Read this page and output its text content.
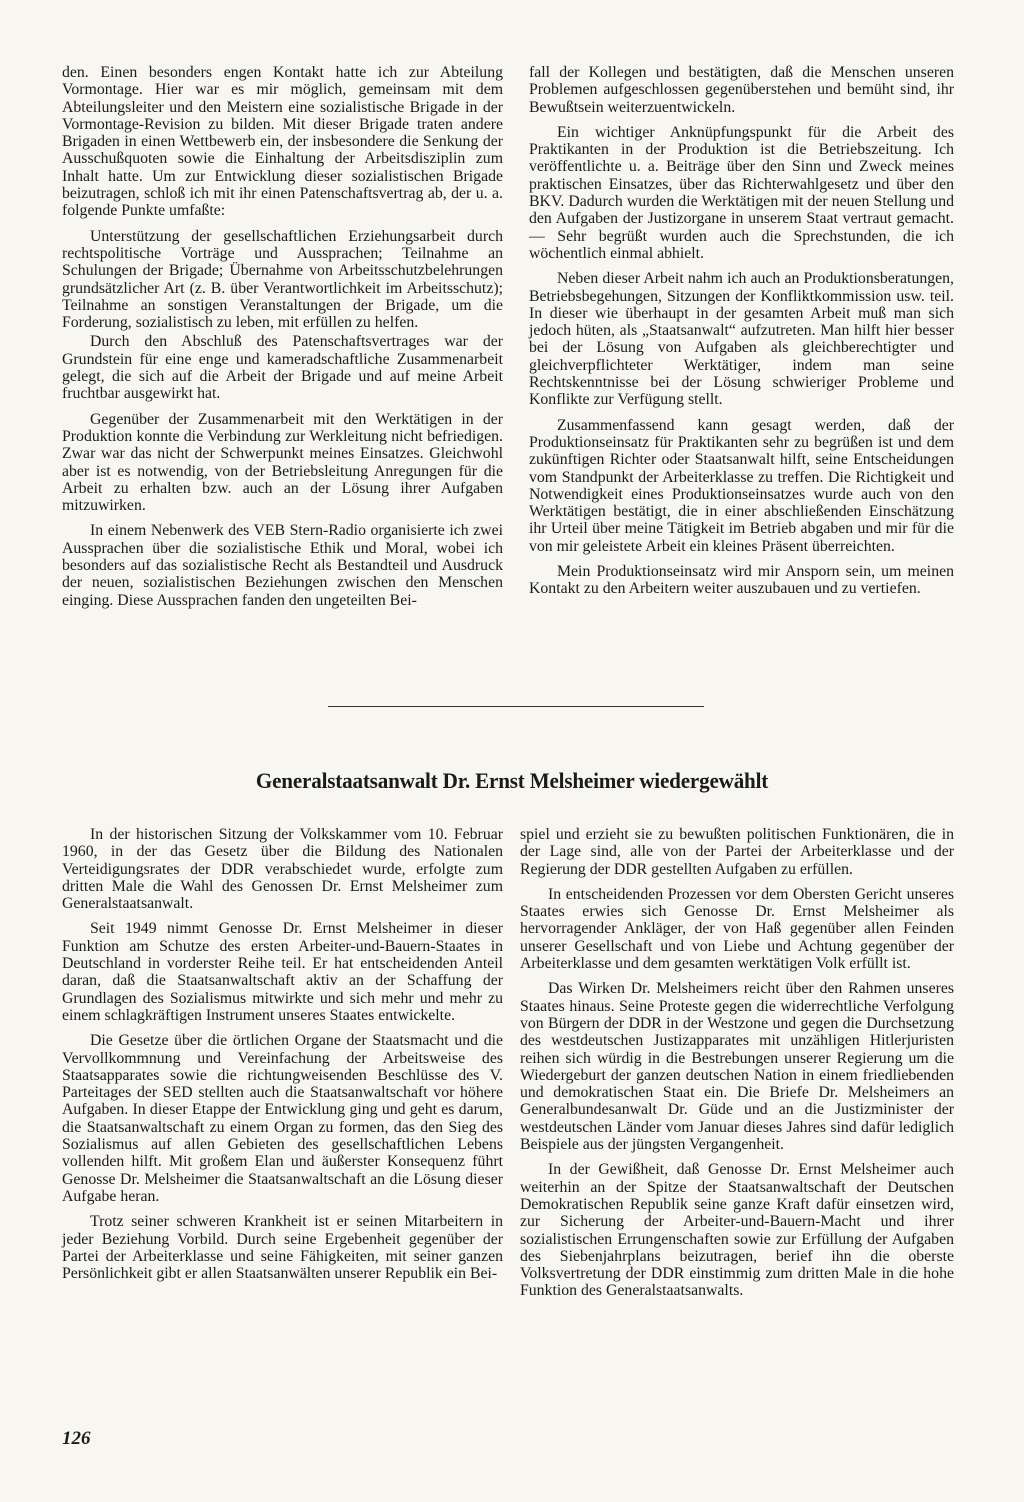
den. Einen besonders engen Kontakt hatte ich zur Abteilung Vormontage. Hier war es mir möglich, gemeinsam mit dem Abteilungsleiter und den Meistern eine sozialistische Brigade in der Vormontage-Revision zu bilden. Mit dieser Brigade traten andere Brigaden in einen Wettbewerb ein, der insbesondere die Senkung der Ausschußquoten sowie die Einhaltung der Arbeitsdisziplin zum Inhalt hatte. Um zur Entwicklung dieser sozialistischen Brigade beizutragen, schloß ich mit ihr einen Patenschaftsvertrag ab, der u. a. folgende Punkte umfaßte:

Unterstützung der gesellschaftlichen Erziehungsarbeit durch rechtspolitische Vorträge und Aussprachen; Teilnahme an Schulungen der Brigade; Übernahme von Arbeitsschutzbelehrungen grundsätzlicher Art (z. B. über Verantwortlichkeit im Arbeitsschutz); Teilnahme an sonstigen Veranstaltungen der Brigade, um die Forderung, sozialistisch zu leben, mit erfüllen zu helfen.

Durch den Abschluß des Patenschaftsvertrages war der Grundstein für eine enge und kameradschaftliche Zusammenarbeit gelegt, die sich auf die Arbeit der Brigade und auf meine Arbeit fruchtbar ausgewirkt hat.

Gegenüber der Zusammenarbeit mit den Werktätigen in der Produktion konnte die Verbindung zur Werkleitung nicht befriedigen. Zwar war das nicht der Schwerpunkt meines Einsatzes. Gleichwohl aber ist es notwendig, von der Betriebsleitung Anregungen für die Arbeit zu erhalten bzw. auch an der Lösung ihrer Aufgaben mitzuwirken.

In einem Nebenwerk des VEB Stern-Radio organisierte ich zwei Aussprachen über die sozialistische Ethik und Moral, wobei ich besonders auf das sozialistische Recht als Bestandteil und Ausdruck der neuen, sozialistischen Beziehungen zwischen den Menschen einging. Diese Aussprachen fanden den ungeteilten Bei-

fall der Kollegen und bestätigten, daß die Menschen unseren Problemen aufgeschlossen gegenüberstehen und bemüht sind, ihr Bewußtsein weiterzuentwickeln.

Ein wichtiger Anknüpfungspunkt für die Arbeit des Praktikanten in der Produktion ist die Betriebszeitung. Ich veröffentlichte u. a. Beiträge über den Sinn und Zweck meines praktischen Einsatzes, über das Richterwahlgesetz und über den BKV. Dadurch wurden die Werktätigen mit der neuen Stellung und den Aufgaben der Justizorgane in unserem Staat vertraut gemacht. — Sehr begrüßt wurden auch die Sprechstunden, die ich wöchentlich einmal abhielt.

Neben dieser Arbeit nahm ich auch an Produktionsberatungen, Betriebsbegehungen, Sitzungen der Konfliktkommission usw. teil. In dieser wie überhaupt in der gesamten Arbeit muß man sich jedoch hüten, als „Staatsanwalt“ aufzutreten. Man hilft hier besser bei der Lösung von Aufgaben als gleichberechtigter und gleichverpflichteter Werktätiger, indem man seine Rechtskenntnisse bei der Lösung schwieriger Probleme und Konflikte zur Verfügung stellt.

Zusammenfassend kann gesagt werden, daß der Produktionseinsatz für Praktikanten sehr zu begrüßen ist und dem zukünftigen Richter oder Staatsanwalt hilft, seine Entscheidungen vom Standpunkt der Arbeiterklasse zu treffen. Die Richtigkeit und Notwendigkeit eines Produktionseinsatzes wurde auch von den Werktätigen bestätigt, die in einer abschließenden Einschätzung ihr Urteil über meine Tätigkeit im Betrieb abgaben und mir für die von mir geleistete Arbeit ein kleines Präsent überreichten.

Mein Produktionseinsatz wird mir Ansporn sein, um meinen Kontakt zu den Arbeitern weiter auszubauen und zu vertiefen.

Generalstaatsanwalt Dr. Ernst Melsheimer wiedergewählt

In der historischen Sitzung der Volkskammer vom 10. Februar 1960, in der das Gesetz über die Bildung des Nationalen Verteidigungsrates der DDR verabschiedet wurde, erfolgte zum dritten Male die Wahl des Genossen Dr. Ernst Melsheimer zum Generalstaatsanwalt.

Seit 1949 nimmt Genosse Dr. Ernst Melsheimer in dieser Funktion am Schutze des ersten Arbeiter-und-Bauern-Staates in Deutschland in vorderster Reihe teil. Er hat entscheidenden Anteil daran, daß die Staatsanwaltschaft aktiv an der Schaffung der Grundlagen des Sozialismus mitwirkte und sich mehr und mehr zu einem schlagkräftigen Instrument unseres Staates entwickelte.

Die Gesetze über die örtlichen Organe der Staatsmacht und die Vervollkommnung und Vereinfachung der Arbeitsweise des Staatsapparates sowie die richtungweisenden Beschlüsse des V. Parteitages der SED stellten auch die Staatsanwaltschaft vor höhere Aufgaben. In dieser Etappe der Entwicklung ging und geht es darum, die Staatsanwaltschaft zu einem Organ zu formen, das den Sieg des Sozialismus auf allen Gebieten des gesellschaftlichen Lebens vollenden hilft. Mit großem Elan und äußerster Konsequenz führt Genosse Dr. Melsheimer die Staatsanwaltschaft an die Lösung dieser Aufgabe heran.

Trotz seiner schweren Krankheit ist er seinen Mitarbeitern in jeder Beziehung Vorbild. Durch seine Ergebenheit gegenüber der Partei der Arbeiterklasse und seine Fähigkeiten, mit seiner ganzen Persönlichkeit gibt er allen Staatsanwälten unserer Republik ein Bei-

spiel und erzieht sie zu bewußten politischen Funktionären, die in der Lage sind, alle von der Partei der Arbeiterklasse und der Regierung der DDR gestellten Aufgaben zu erfüllen.

In entscheidenden Prozessen vor dem Obersten Gericht unseres Staates erwies sich Genosse Dr. Ernst Melsheimer als hervorragender Ankläger, der von Haß gegenüber allen Feinden unserer Gesellschaft und von Liebe und Achtung gegenüber der Arbeiterklasse und dem gesamten werktätigen Volk erfüllt ist.

Das Wirken Dr. Melsheimers reicht über den Rahmen unseres Staates hinaus. Seine Proteste gegen die widerrechtliche Verfolgung von Bürgern der DDR in der Westzone und gegen die Durchsetzung des westdeutschen Justizapparates mit unzähligen Hitlerjuristen reihen sich würdig in die Bestrebungen unserer Regierung um die Wiedergeburt der ganzen deutschen Nation in einem friedliebenden und demokratischen Staat ein. Die Briefe Dr. Melsheimers an Generalbundesanwalt Dr. Güde und an die Justizminister der westdeutschen Länder vom Januar dieses Jahres sind dafür lediglich Beispiele aus der jüngsten Vergangenheit.

In der Gewißheit, daß Genosse Dr. Ernst Melsheimer auch weiterhin an der Spitze der Staatsanwaltschaft der Deutschen Demokratischen Republik seine ganze Kraft dafür einsetzen wird, zur Sicherung der Arbeiter-und-Bauern-Macht und ihrer sozialistischen Errungenschaften sowie zur Erfüllung der Aufgaben des Siebenjahrplans beizutragen, berief ihn die oberste Volksvertretung der DDR einstimmig zum dritten Male in die hohe Funktion des Generalstaatsanwalts.

126
